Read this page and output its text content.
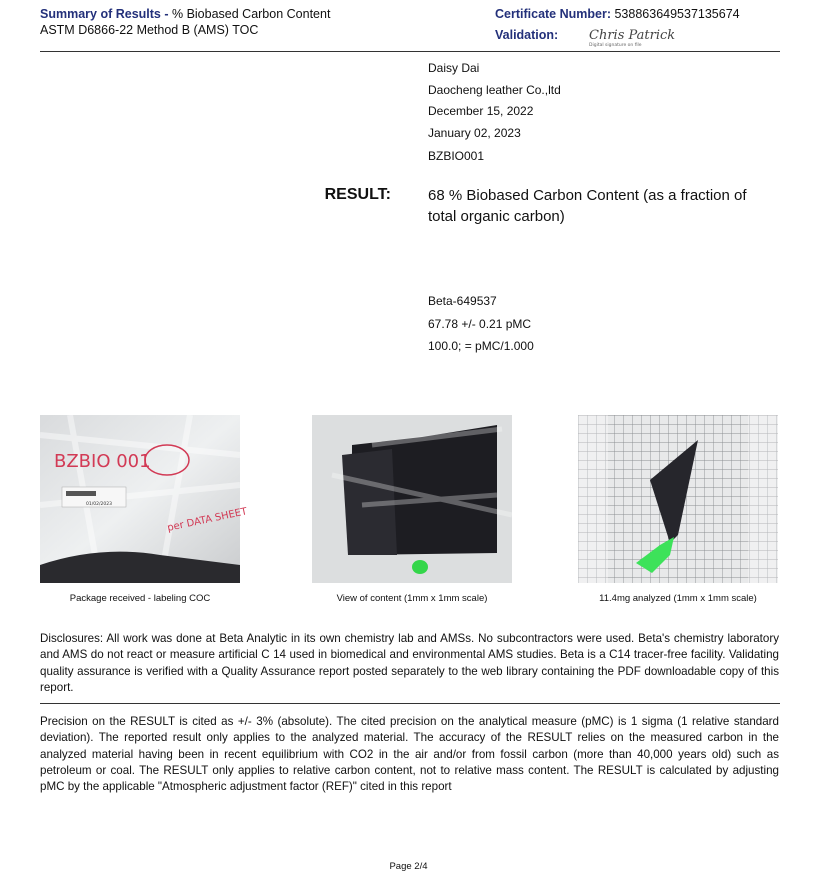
Summary of Results - % Biobased Carbon Content
ASTM D6866-22 Method B (AMS) TOC
Certificate Number: 538863649537135674
Validation: Chris Patrick
Digital signature on file
Daisy Dai
Daocheng leather Co.,ltd
December 15, 2022
January 02, 2023
BZBIO001
RESULT: 68 % Biobased Carbon Content (as a fraction of total organic carbon)
Beta-649537
67.78 +/- 0.21 pMC
100.0; = pMC/1.000
BZBIO 001
01/02/2023
per DATA SHEET
Package received - labeling COC	View of content (1mm x 1mm scale)	11.4mg analyzed (1mm x 1mm scale)
Disclosures: All work was done at Beta Analytic in its own chemistry lab and AMSs. No subcontractors were used. Beta's chemistry laboratory and AMS do not react or measure artificial C 14 used in biomedical and environmental AMS studies. Beta is a C14 tracer-free facility. Validating quality assurance is verified with a Quality Assurance report posted separately to the web library containing the PDF downloadable copy of this report.
Precision on the RESULT is cited as +/- 3% (absolute). The cited precision on the analytical measure (pMC) is 1 sigma (1 relative standard deviation). The reported result only applies to the analyzed material. The accuracy of the RESULT relies on the measured carbon in the analyzed material having been in recent equilibrium with CO2 in the air and/or from fossil carbon (more than 40,000 years old) such as petroleum or coal. The RESULT only applies to relative carbon content, not to relative mass content. The RESULT is calculated by adjusting pMC by the applicable "Atmospheric adjustment factor (REF)" cited in this report
Page 2/4
